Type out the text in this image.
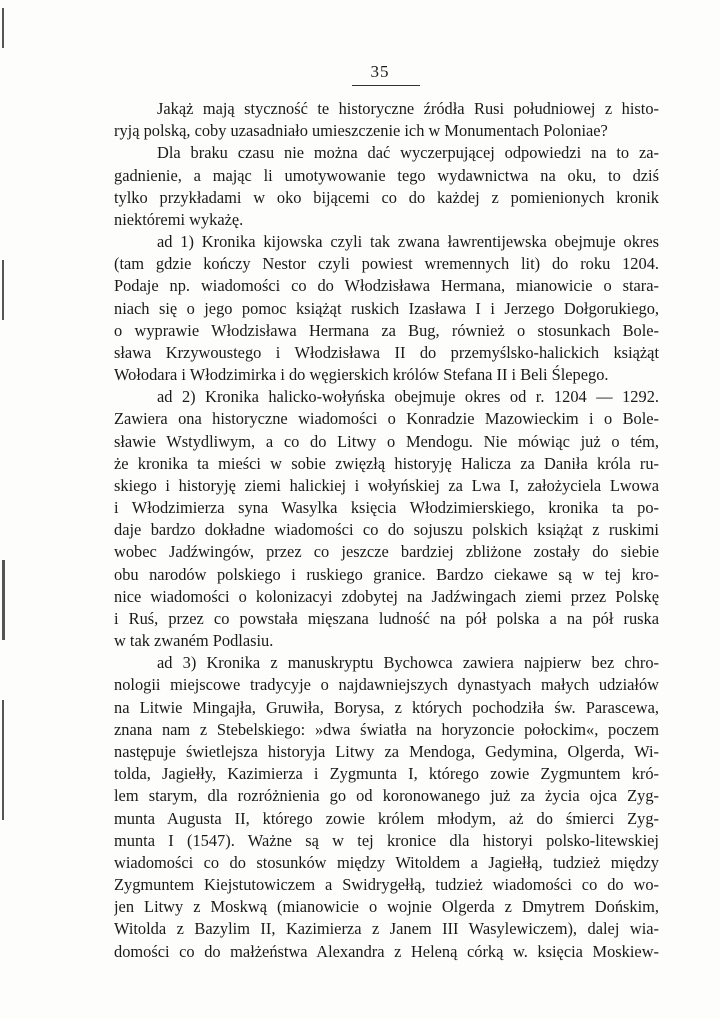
35
Jakąż mają styczność te historyczne źródła Rusi południowej z histo-
ryją polską, coby uzasadniało umieszczenie ich w Monumentach Poloniae?
Dla braku czasu nie można dać wyczerpującej odpowiedzi na to za-
gadnienie, a mając li umotywowanie tego wydawnictwa na oku, to dziś
tylko przykładami w oko bijącemi co do każdej z pomienionych kronik
niektóremi wykażę.
ad 1) Kronika kijowska czyli tak zwana ławrentijewska obejmuje okres
(tam gdzie kończy Nestor czyli powiest wremennych lit) do roku 1204.
Podaje np. wiadomości co do Włodzisława Hermana, mianowicie o stara-
niach się o jego pomoc książąt ruskich Izasława I i Jerzego Dołgorukiego,
o wyprawie Włodzisława Hermana za Bug, również o stosunkach Bole-
sława Krzywoustego i Włodzisława II do przemyślsko-halickich książąt
Wołodara i Włodzimirka i do węgierskich królów Stefana II i Beli Ślepego.
ad 2) Kronika halicko-wołyńska obejmuje okres od r. 1204 — 1292.
Zawiera ona historyczne wiadomości o Konradzie Mazowieckim i o Bole-
sławie Wstydliwym, a co do Litwy o Mendogu. Nie mówiąc już o tém,
że kronika ta mieści w sobie zwięzłą historyję Halicza za Daniła króla ru-
skiego i historyję ziemi halickiej i wołyńskiej za Lwa I, założyciela Lwowa
i Włodzimierza syna Wasylka księcia Włodzimierskiego, kronika ta po-
daje bardzo dokładne wiadomości co do sojuszu polskich książąt z ruskimi
wobec Jadźwingów, przez co jeszcze bardziej zbliżone zostały do siebie
obu narodów polskiego i ruskiego granice. Bardzo ciekawe są w tej kro-
nice wiadomości o kolonizacyi zdobytej na Jadźwingach ziemi przez Polskę
i Ruś, przez co powstała mięszana ludność na pół polska a na pół ruska
w tak zwaném Podlasiu.
ad 3) Kronika z manuskryptu Bychowca zawiera najpierw bez chro-
nologii miejscowe tradycyje o najdawniejszych dynastyach małych udziałów
na Litwie Mingajła, Gruwiła, Borysa, z których pochodziła św. Parascewa,
znana nam z Stebelskiego: »dwa światła na horyzoncie połockim«, poczem
następuje świetlejsza historyja Litwy za Mendoga, Gedymina, Olgerda, Wi-
tolda, Jagiełły, Kazimierza i Zygmunta I, którego zowie Zygmuntem kró-
lem starym, dla rozróżnienia go od koronowanego już za życia ojca Zyg-
munta Augusta II, którego zowie królem młodym, aż do śmierci Zyg-
munta I (1547). Ważne są w tej kronice dla historyi polsko-litewskiej
wiadomości co do stosunków między Witoldem a Jagiełłą, tudzież między
Zygmuntem Kiejstutowiczem a Swidrygełłą, tudzież wiadomości co do wo-
jen Litwy z Moskwą (mianowicie o wojnie Olgerda z Dmytrem Dońskim,
Witolda z Bazylim II, Kazimierza z Janem III Wasylewiczem), dalej wia-
domości co do małżeństwa Alexandra z Heleną córką w. księcia Moskiew-
